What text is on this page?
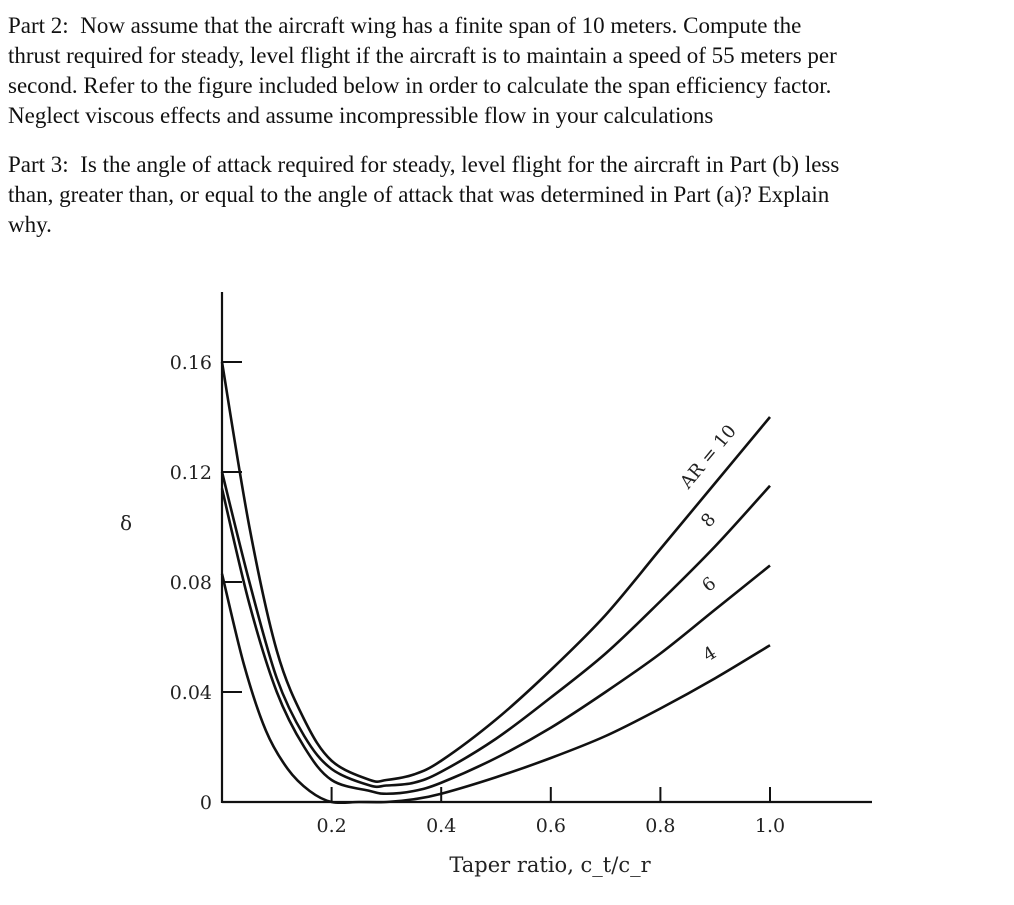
Part 2: Now assume that the aircraft wing has a finite span of 10 meters. Compute the
thrust required for steady, level flight if the aircraft is to maintain a speed of 55 meters per
second. Refer to the figure included below in order to calculate the span efficiency factor.
Neglect viscous effects and assume incompressible flow in your calculations
Part 3: Is the angle of attack required for steady, level flight for the aircraft in Part (b) less
than, greater than, or equal to the angle of attack that was determined in Part (a)? Explain
why.
0
0.04
0.08
0.12
0.16
0.2	0.4	0.6	0.8	1.0
AR = 10
8
6
4
δ
Taper ratio, c_t/c_r
